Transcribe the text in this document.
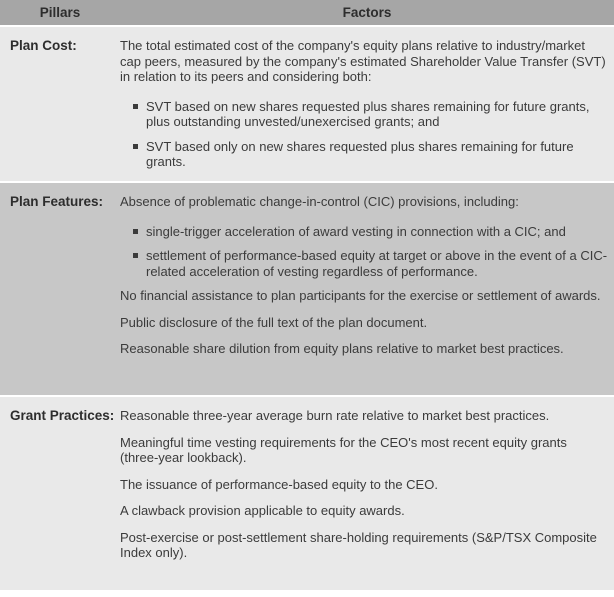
Pillars	Factors
Plan Cost:	The total estimated cost of the company's equity plans relative to industry/market cap peers, measured by the company's estimated Shareholder Value Transfer (SVT) in relation to its peers and considering both:

SVT based on new shares requested plus shares remaining for future grants, plus outstanding unvested/unexercised grants; and
SVT based only on new shares requested plus shares remaining for future grants.
Plan Features:	Absence of problematic change-in-control (CIC) provisions, including:

single-trigger acceleration of award vesting in connection with a CIC; and
settlement of performance-based equity at target or above in the event of a CIC-related acceleration of vesting regardless of performance.

No financial assistance to plan participants for the exercise or settlement of awards.

Public disclosure of the full text of the plan document.

Reasonable share dilution from equity plans relative to market best practices.

Grant Practices: Reasonable three-year average burn rate relative to market best practices.

Meaningful time vesting requirements for the CEO's most recent equity grants (three-year lookback).

The issuance of performance-based equity to the CEO.

A clawback provision applicable to equity awards.

Post-exercise or post-settlement share-holding requirements (S&P/TSX Composite Index only).
